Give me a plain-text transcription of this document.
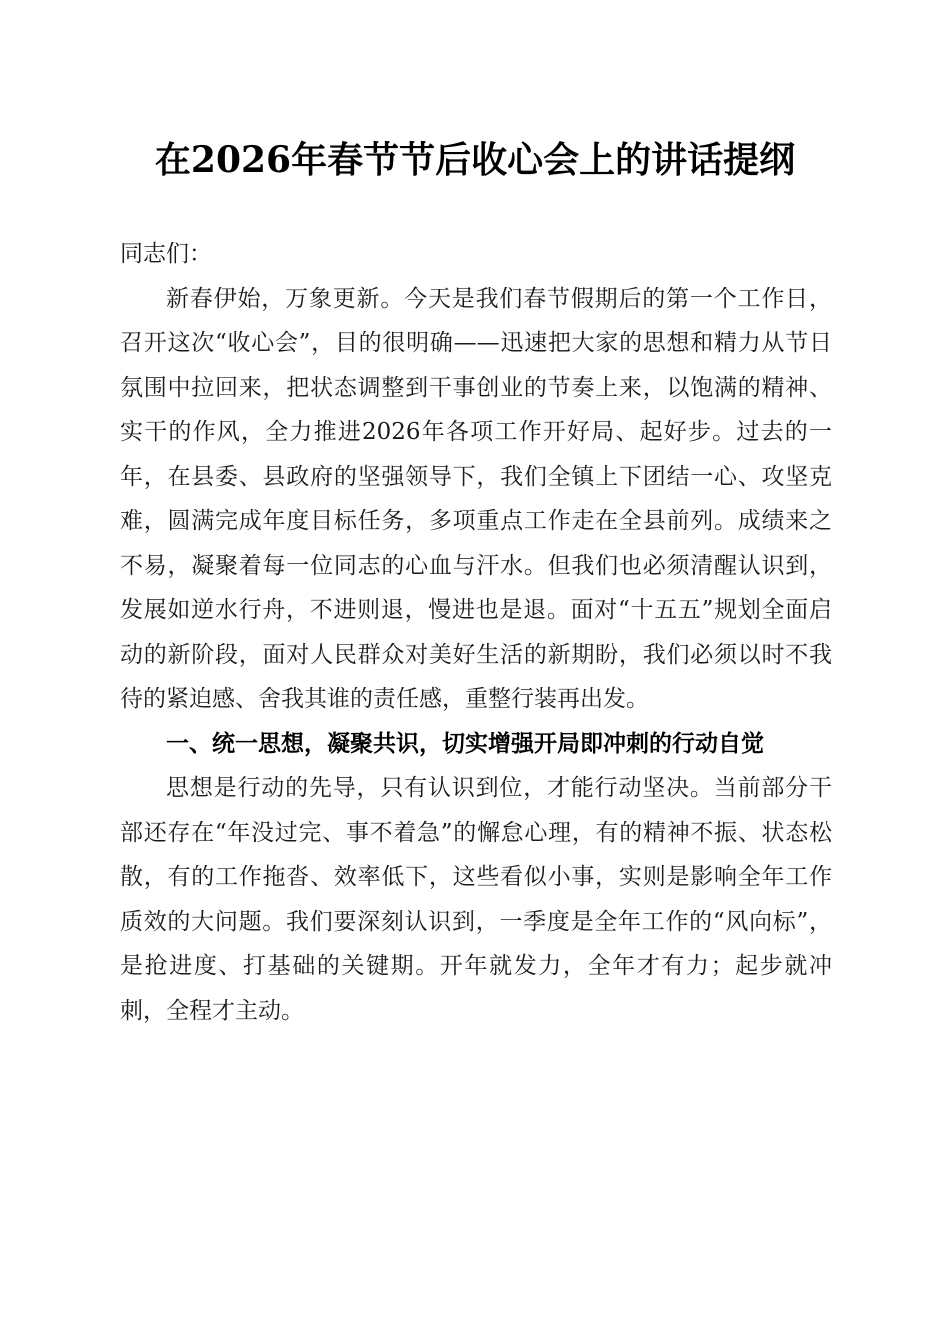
在2026年春节节后收心会上的讲话提纲

同志们：

新春伊始，万象更新。今天是我们春节假期后的第一个工作日，召开这次“收心会”，目的很明确——迅速把大家的思想和精力从节日氛围中拉回来，把状态调整到干事创业的节奏上来，以饱满的精神、实干的作风，全力推进2026年各项工作开好局、起好步。过去的一年，在县委、县政府的坚强领导下，我们全镇上下团结一心、攻坚克难，圆满完成年度目标任务，多项重点工作走在全县前列。成绩来之不易，凝聚着每一位同志的心血与汗水。但我们也必须清醒认识到，发展如逆水行舟，不进则退，慢进也是退。面对“十五五”规划全面启动的新阶段，面对人民群众对美好生活的新期盼，我们必须以时不我待的紧迫感、舍我其谁的责任感，重整行装再出发。

一、统一思想，凝聚共识，切实增强开局即冲刺的行动自觉

思想是行动的先导，只有认识到位，才能行动坚决。当前部分干部还存在“年没过完、事不着急”的懈怠心理，有的精神不振、状态松散，有的工作拖沓、效率低下，这些看似小事，实则是影响全年工作质效的大问题。我们要深刻认识到，一季度是全年工作的“风向标”，是抢进度、打基础的关键期。开年就发力，全年才有力；起步就冲刺，全程才主动。
